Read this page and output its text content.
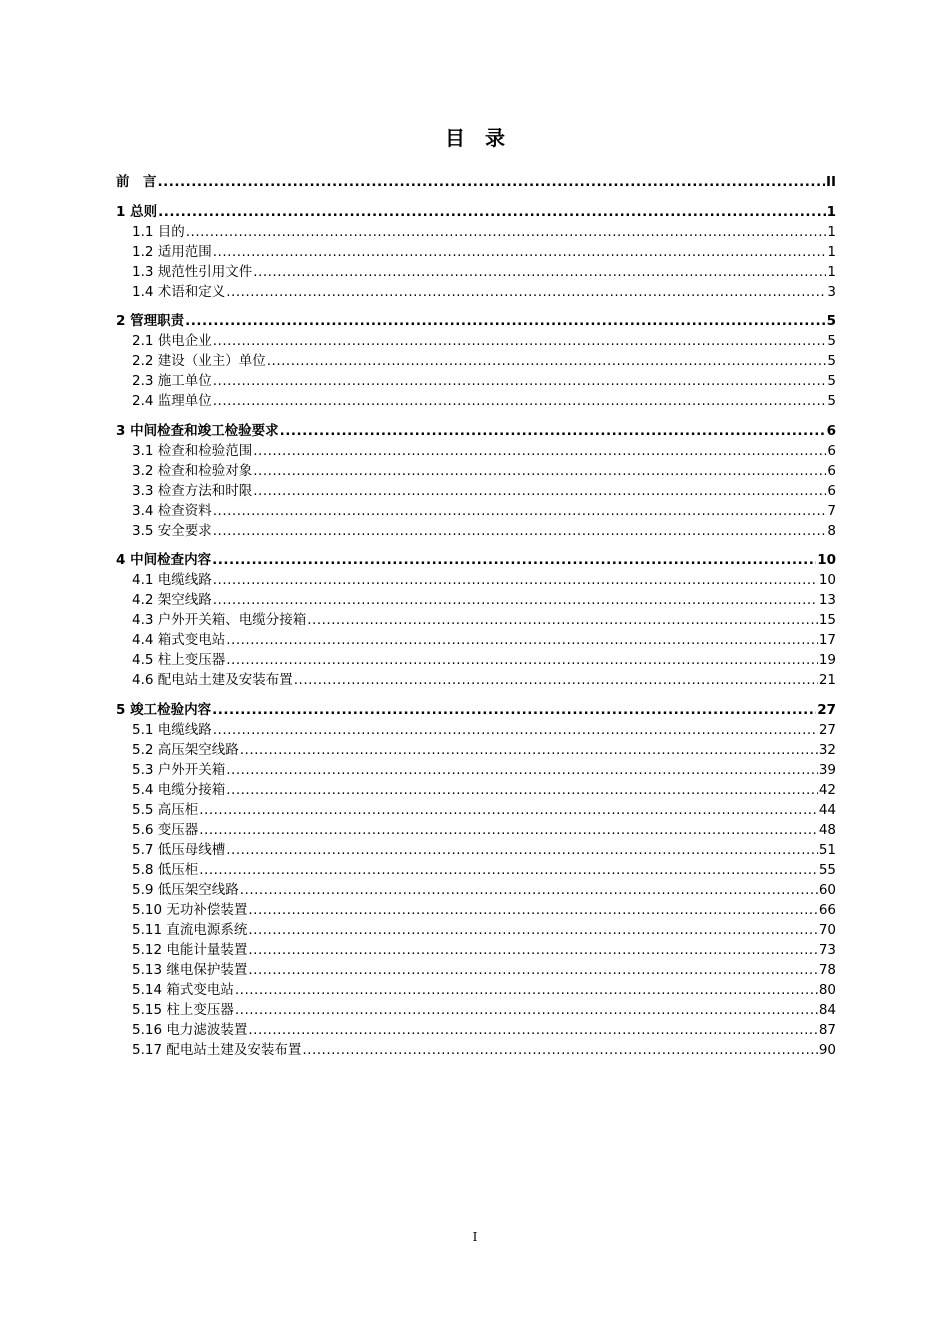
目　录
前　言 .....	II
1 总则 .....	1
1.1 目的 .....	1
1.2 适用范围 .....	1
1.3 规范性引用文件 .....	1
1.4 术语和定义 .....	3
2 管理职责 .....	5
2.1 供电企业 .....	5
2.2 建设（业主）单位 .....	5
2.3 施工单位 .....	5
2.4 监理单位 .....	5
3 中间检查和竣工检验要求 .....	6
3.1 检查和检验范围 .....	6
3.2 检查和检验对象 .....	6
3.3 检查方法和时限 .....	6
3.4 检查资料 .....	7
3.5 安全要求 .....	8
4 中间检查内容 .....	10
4.1 电缆线路 .....	10
4.2 架空线路 .....	13
4.3 户外开关箱、电缆分接箱 .....	15
4.4 箱式变电站 .....	17
4.5 柱上变压器 .....	19
4.6 配电站土建及安装布置 .....	21
5 竣工检验内容 .....	27
5.1 电缆线路 .....	27
5.2 高压架空线路 .....	32
5.3 户外开关箱 .....	39
5.4 电缆分接箱 .....	42
5.5 高压柜 .....	44
5.6 变压器 .....	48
5.7 低压母线槽 .....	51
5.8 低压柜 .....	55
5.9 低压架空线路 .....	60
5.10 无功补偿装置 .....	66
5.11 直流电源系统 .....	70
5.12 电能计量装置 .....	73
5.13 继电保护装置 .....	78
5.14 箱式变电站 .....	80
5.15 柱上变压器 .....	84
5.16 电力滤波装置 .....	87
5.17 配电站土建及安装布置 .....	90
I
